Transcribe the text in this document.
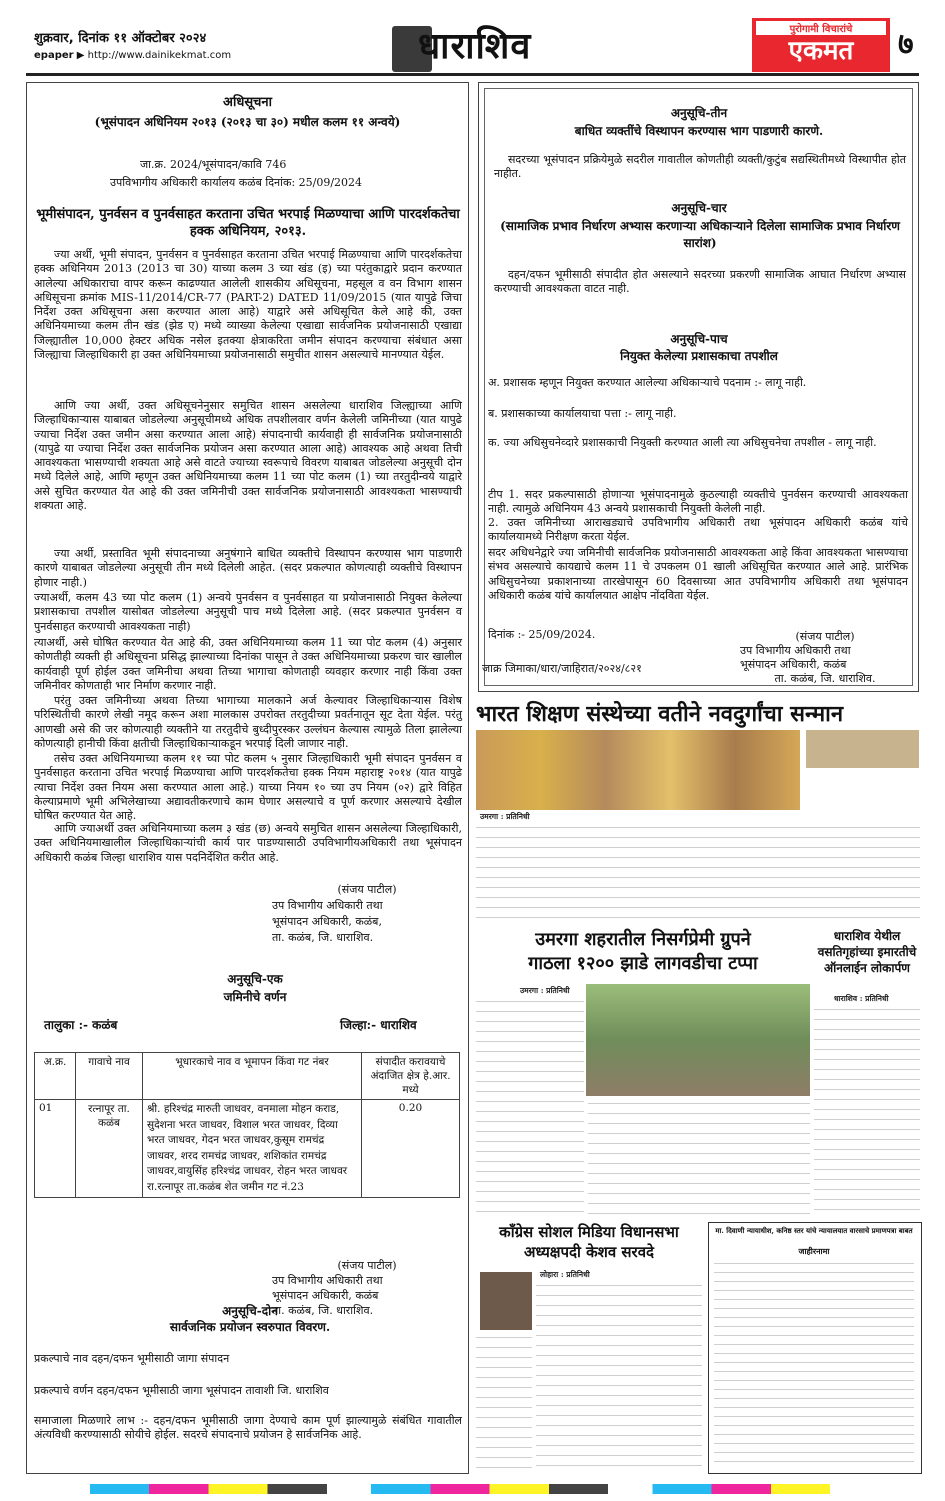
शुक्रवार, दिनांक ११ ऑक्टोबर २०२४
epaper ▶ http://www.dainikekmat.com	धाराशिव	पुरोगामी विचारांचे
एकमत	७
अधिसूचना
(भूसंपादन अधिनियम २०१३ (२०१३ चा ३०) मधील कलम ११ अन्वये)
जा.क्र. 2024/भूसंपादन/कावि 746
उपविभागीय अधिकारी कार्यालय कळंब दिनांक: 25/09/2024
भूमीसंपादन, पुनर्वसन व पुनर्वसाहत करताना उचित भरपाई मिळण्याचा आणि पारदर्शकतेचा हक्क अधिनियम, २०१३.
ज्या अर्थी, भूमी संपादन, पुनर्वसन व पुनर्वसाहत करताना उचित भरपाई मिळण्याचा आणि पारदर्शकतेचा हक्क अधिनियम 2013 (2013 चा 30) याच्या कलम 3 च्या खंड (इ) च्या परंतुकाद्वारे प्रदान करण्यात आलेल्या अधिकाराचा वापर करून काढण्यात आलेली शासकीय अधिसूचना, महसूल व वन विभाग शासन अधिसूचना क्रमांक MIS-11/2014/CR-77 (PART-2) DATED 11/09/2015 (यात यापुढे जिचा निर्देश उक्त अधिसूचना असा करण्यात आला आहे) याद्वारे असे अधिसूचित केले आहे की, उक्त अधिनियमाच्या कलम तीन खंड (झेड ए) मध्ये व्याख्या केलेल्या एखाद्या सार्वजनिक प्रयोजनासाठी एखाद्या जिल्ह्यातील 10,000 हेक्टर अधिक नसेल इतक्या क्षेत्राकरिता जमीन संपादन करण्याचा संबंधात असा जिल्ह्याचा जिल्हाधिकारी हा उक्त अधिनियमाच्या प्रयोजनासाठी समुचीत शासन असल्याचे मानण्यात येईल.
आणि ज्या अर्थी, उक्त अधिसूचनेनुसार समुचित शासन असलेल्या धाराशिव जिल्ह्याच्या आणि जिल्हाधिकाऱ्यास याबाबत जोडलेल्या अनुसूचीमध्ये अधिक तपशीलवार वर्णन केलेली जमिनीच्या (यात यापुढे ज्याचा निर्देश उक्त जमीन असा करण्यात आला आहे) संपादनाची कार्यवाही ही सार्वजनिक प्रयोजनासाठी (यापुढे या ज्याचा निर्देश उक्त सार्वजनिक प्रयोजन असा करण्यात आला आहे) आवश्यक आहे अथवा तिची आवश्यकता भासण्याची शक्यता आहे असे वाटते ज्याच्या स्वरूपाचे विवरण याबाबत जोडलेल्या अनुसूची दोन मध्ये दिलेले आहे, आणि म्हणून उक्त अधिनियमाच्या कलम 11 च्या पोट कलम (1) च्या तरतुदीन्वये याद्वारे असे सुचित करण्यात येत आहे की उक्त जमिनीची उक्त सार्वजनिक प्रयोजनासाठी आवश्यकता भासण्याची शक्यता आहे.
ज्या अर्थी, प्रस्तावित भूमी संपादनाच्या अनुषंगाने बाधित व्यक्तीचे विस्थापन करण्यास भाग पाडणारी कारणे याबाबत जोडलेल्या अनुसूची तीन मध्ये दिलेली आहेत. (सदर प्रकल्पात कोणत्याही व्यक्तीचे विस्थापन होणार नाही.)
ज्याअर्थी, कलम 43 च्या पोट कलम (1) अन्वये पुनर्वसन व पुनर्वसाहत या प्रयोजनासाठी नियुक्त केलेल्या प्रशासकाचा तपशील यासोबत जोडलेल्या अनुसूची पाच मध्ये दिलेला आहे. (सदर प्रकल्पात पुनर्वसन व पुनर्वसाहत करण्याची आवश्यकता नाही)
त्याअर्थी, असे घोषित करण्यात येत आहे की, उक्त अधिनियमाच्या कलम 11 च्या पोट कलम (4) अनुसार कोणतीही व्यक्ती ही अधिसूचना प्रसिद्ध झाल्याच्या दिनांका पासून ते उक्त अधिनियमाच्या प्रकरण चार खालील कार्यवाही पूर्ण होईल उक्त जमिनीचा अथवा तिच्या भागाचा कोणताही व्यवहार करणार नाही किंवा उक्त जमिनीवर कोणताही भार निर्माण करणार नाही.
परंतु उक्त जमिनीच्या अथवा तिच्या भागाच्या मालकाने अर्ज केल्यावर जिल्हाधिकाऱ्यास विशेष परिस्थितीची कारणे लेखी नमूद करून अशा मालकास उपरोक्त तरतुदीच्या प्रवर्तनातून सूट देता येईल. परंतु आणखी असे की जर कोणत्याही व्यक्तीने या तरतुदीचे बुध्दीपुरस्कर उल्लंघन केल्यास त्यामुळे तिला झालेल्या कोणत्याही हानीची किंवा क्षतीची जिल्हाधिकाऱ्याकडून भरपाई दिली जाणार नाही.
तसेच उक्त अधिनियमाच्या कलम ११ च्या पोट कलम ५ नुसार जिल्हाधिकारी भूमी संपादन पुनर्वसन व पुनर्वसाहत करताना उचित भरपाई मिळण्याचा आणि पारदर्शकतेचा हक्क नियम महाराष्ट्र २०१४ (यात यापुढे त्याचा निर्देश उक्त नियम असा करण्यात आला आहे.) याच्या नियम १० च्या उप नियम (०२) द्वारे विहित केल्याप्रमाणे भूमी अभिलेखाच्या अद्यावतीकरणाचे काम घेणार असल्याचे व पूर्ण करणार असल्याचे देखील घोषित करण्यात येत आहे.
आणि ज्याअर्थी उक्त अधिनियमाच्या कलम ३ खंड (छ) अन्वये समुचित शासन असलेल्या जिल्हाधिकारी, उक्त अधिनियमाखालील जिल्हाधिकाऱ्यांची कार्य पार पाडण्यासाठी उपविभागीयअधिकारी तथा भूसंपादन अधिकारी कळंब जिल्हा धाराशिव यास पदनिर्देशित करीत आहे.
(संजय पाटील)
उप विभागीय अधिकारी तथा
भूसंपादन अधिकारी, कळंब,
ता. कळंब, जि. धाराशिव.
अनुसूचि-एक
जमिनीचे वर्णन
तालुका :- कळंब	जिल्हा:- धाराशिव
अ.क्र.	गावाचे नाव	भूधारकाचे नाव व भूमापन किंवा गट नंबर	संपादीत करावयाचे अंदाजित क्षेत्र हे.आर. मध्ये
01	रत्नापूर ता. कळंब	श्री. हरिश्चंद्र मारुती जाधवर, वनमाला मोहन कराड, सुदेशना भरत जाधवर, विशाल भरत जाधवर, दिव्या भरत जाधवर, गेदन भरत जाधवर,कुसूम रामचंद्र जाधवर, शरद रामचंद्र जाधवर, शशिकांत रामचंद्र जाधवर,वायुसिंह हरिश्चंद्र जाधवर, रोहन भरत जाधवर रा.रत्नापूर ता.कळंब शेत जमीन गट नं.23	0.20
(संजय पाटील)
उप विभागीय अधिकारी तथा
भूसंपादन अधिकारी, कळंब
ता. कळंब, जि. धाराशिव.
अनुसूचि-दोन
सार्वजनिक प्रयोजन स्वरुपात विवरण.
प्रकल्पाचे नाव दहन/दफन भूमीसाठी जागा संपादन
प्रकल्पाचे वर्णन दहन/दफन भूमीसाठी जागा भूसंपादन तावाशी जि. धाराशिव
समाजाला मिळणारे लाभ :- दहन/दफन भूमीसाठी जागा देण्याचे काम पूर्ण झाल्यामुळे संबंधित गावातील अंत्यविधी करण्यासाठी सोयीचे होईल. सदरचे संपादनाचे प्रयोजन हे सार्वजनिक आहे.
अनुसूचि-तीन
बाधित व्यक्तींचे विस्थापन करण्यास भाग पाडणारी कारणे.
सदरच्या भूसंपादन प्रक्रियेमुळे सदरील गावातील कोणतीही व्यक्ती/कुटुंब सद्यस्थितीमध्ये विस्थापीत होत नाहीत.
अनुसूचि-चार
(सामाजिक प्रभाव निर्धारण अभ्यास करणाऱ्या अधिकाऱ्याने दिलेला सामाजिक प्रभाव निर्धारण सारांश)
दहन/दफन भूमीसाठी संपादीत होत असल्याने सदरच्या प्रकरणी सामाजिक आघात निर्धारण अभ्यास करण्याची आवश्यकता वाटत नाही.
अनुसूचि-पाच
नियुक्त केलेल्या प्रशासकाचा तपशील
अ. प्रशासक म्हणून नियुक्त करण्यात आलेल्या अधिकाऱ्याचे पदनाम :- लागू नाही.
ब. प्रशासकाच्या कार्यालयाचा पत्ता :- लागू नाही.
क. ज्या अधिसुचनेव्दारे प्रशासकाची नियुक्ती करण्यात आली त्या अधिसुचनेचा तपशील - लागू नाही.
टीप 1. सदर प्रकल्पासाठी होणाऱ्या भूसंपादनामुळे कुठल्याही व्यक्तीचे पुनर्वसन करण्याची आवश्यकता नाही. त्यामुळे अधिनियम 43 अन्वये प्रशासकाची नियुक्ती केलेली नाही.
2. उक्त जमिनीच्या आराखड्याचे उपविभागीय अधिकारी तथा भूसंपादन अधिकारी कळंब यांचे कार्यालयामध्ये निरीक्षण करता येईल.
सदर अधिधनेद्वारे ज्या जमिनीची सार्वजनिक प्रयोजनासाठी आवश्यकता आहे किंवा आवश्यकता भासण्याचा संभव असल्याचे कायद्याचे कलम 11 चे उपकलम 01 खाली अधिसूचित करण्यात आले आहे. प्रारंभिक अधिसुचनेच्या प्रकाशनाच्या तारखेपासून 60 दिवसाच्या आत उपविभागीय अधिकारी तथा भूसंपादन अधिकारी कळंब यांचे कार्यालयात आक्षेप नोंदविता येईल.
दिनांक :- 25/09/2024.	(संजय पाटील)
उप विभागीय अधिकारी तथा
भूसंपादन अधिकारी, कळंब
ता. कळंब, जि. धाराशिव.
जाक्र जिमाका/धारा/जाहिरात/२०२४/८२१
भारत शिक्षण संस्थेच्या वतीने नवदुर्गांचा सन्मान
उमरगा : प्रतिनिधी
उमरगा शहरातील निसर्गप्रेमी ग्रुपने
गाठला १२०० झाडे लागवडीचा टप्पा
उमरगा : प्रतिनिधी
धाराशिव येथील वसतिगृहांच्या इमारतीचे ऑनलाईन लोकार्पण
धाराशिव : प्रतिनिधी
कॉंग्रेस सोशल मिडिया विधानसभा
अध्यक्षपदी केशव सरवदे
लोहारा : प्रतिनिधी
मा. दिवाणी न्यायाधीश, कनिष्ठ स्तर यांचे न्यायालयात वारसाचे प्रमाणपत्रा बाबत
जाहीरनामा
